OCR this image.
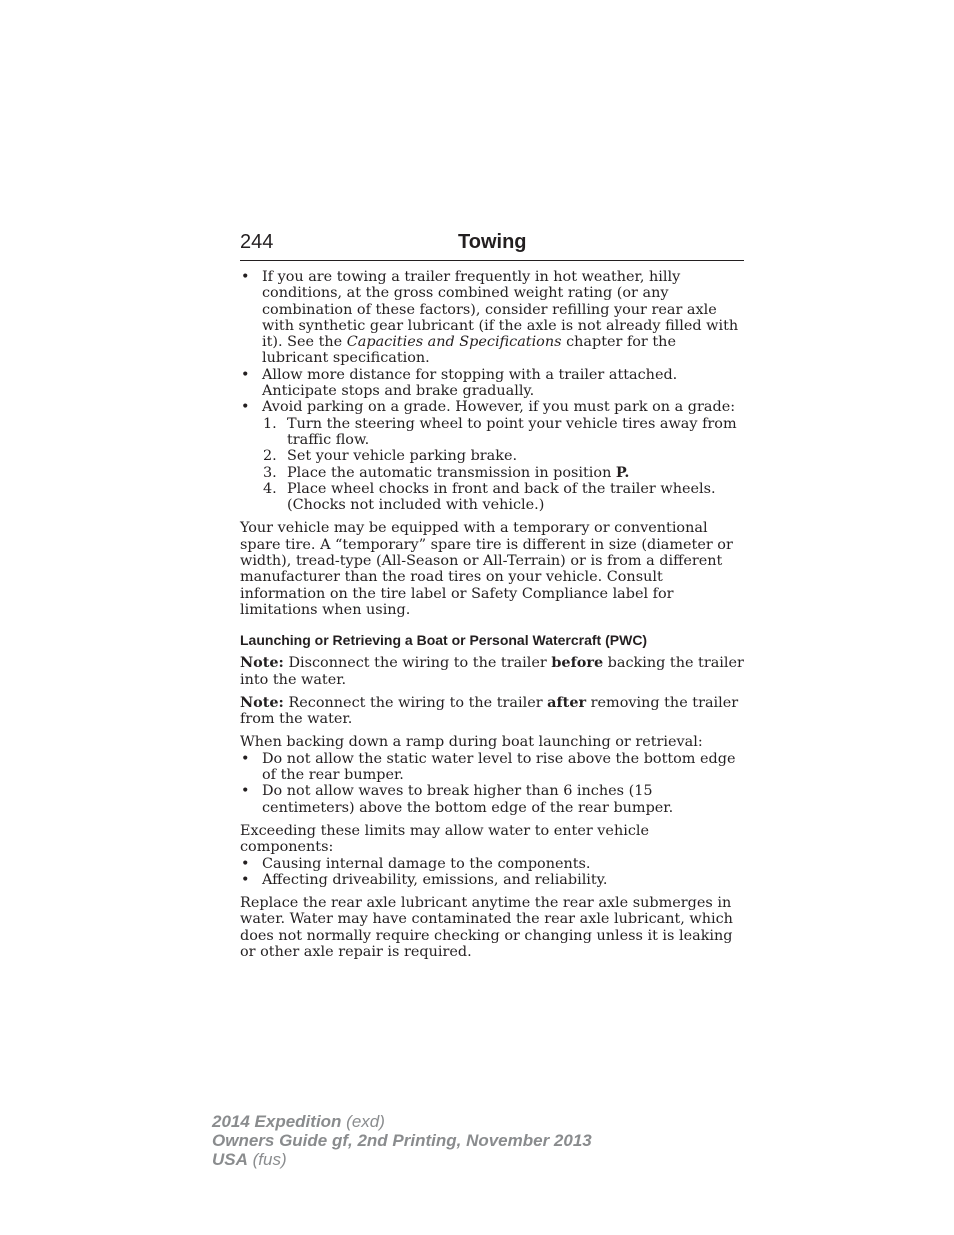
244	Towing
• If you are towing a trailer frequently in hot weather, hilly conditions, at the gross combined weight rating (or any combination of these factors), consider refilling your rear axle with synthetic gear lubricant (if the axle is not already filled with it). See the Capacities and Specifications chapter for the lubricant specification.
• Allow more distance for stopping with a trailer attached. Anticipate stops and brake gradually.
• Avoid parking on a grade. However, if you must park on a grade:
1. Turn the steering wheel to point your vehicle tires away from traffic flow.
2. Set your vehicle parking brake.
3. Place the automatic transmission in position P.
4. Place wheel chocks in front and back of the trailer wheels. (Chocks not included with vehicle.)

Your vehicle may be equipped with a temporary or conventional spare tire. A “temporary” spare tire is different in size (diameter or width), tread-type (All-Season or All-Terrain) or is from a different manufacturer than the road tires on your vehicle. Consult information on the tire label or Safety Compliance label for limitations when using.

Launching or Retrieving a Boat or Personal Watercraft (PWC)

Note: Disconnect the wiring to the trailer before backing the trailer into the water.

Note: Reconnect the wiring to the trailer after removing the trailer from the water.

When backing down a ramp during boat launching or retrieval:

• Do not allow the static water level to rise above the bottom edge of the rear bumper.
• Do not allow waves to break higher than 6 inches (15 centimeters) above the bottom edge of the rear bumper.

Exceeding these limits may allow water to enter vehicle components:

• Causing internal damage to the components.
• Affecting driveability, emissions, and reliability.

Replace the rear axle lubricant anytime the rear axle submerges in water. Water may have contaminated the rear axle lubricant, which does not normally require checking or changing unless it is leaking or other axle repair is required.

2014 Expedition (exd)
Owners Guide gf, 2nd Printing, November 2013
USA (fus)
